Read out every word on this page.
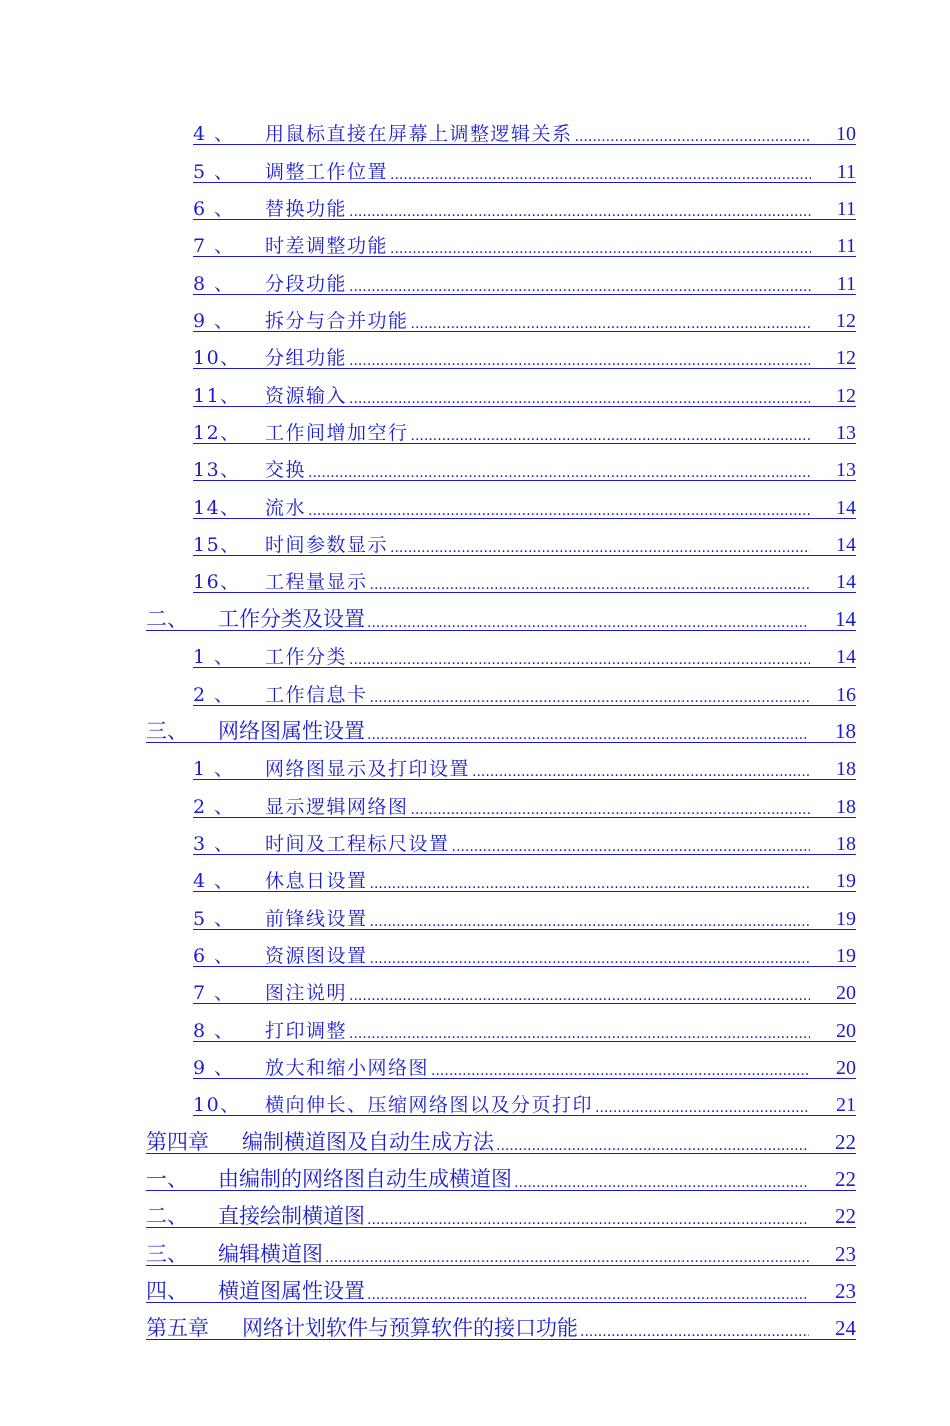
4 、	用鼠标直接在屏幕上调整逻辑关系 .....	10
5 、	调整工作位置 .....	11
6 、	替换功能 .....	11
7 、	时差调整功能 .....	11
8 、	分段功能 .....	11
9 、	拆分与合并功能 .....	12
10、	分组功能 .....	12
11、	资源输入 .....	12
12、	工作间增加空行 .....	13
13、	交换 .....	13
14、	流水 .....	14
15、	时间参数显示 .....	14
16、	工程量显示 .....	14
二、	工作分类及设置 .....	14
1 、	工作分类 .....	14
2 、	工作信息卡 .....	16
三、	网络图属性设置 .....	18
1 、	网络图显示及打印设置 .....	18
2 、	显示逻辑网络图 .....	18
3 、	时间及工程标尺设置 .....	18
4 、	休息日设置 .....	19
5 、	前锋线设置 .....	19
6 、	资源图设置 .....	19
7 、	图注说明 .....	20
8 、	打印调整 .....	20
9 、	放大和缩小网络图 .....	20
10、	横向伸长、压缩网络图以及分页打印 .....	21
第四章	编制横道图及自动生成方法 .....	22
一、	由编制的网络图自动生成横道图 .....	22
二、	直接绘制横道图 .....	22
三、	编辑横道图 .....	23
四、	横道图属性设置 .....	23
第五章	网络计划软件与预算软件的接口功能 .....	24
